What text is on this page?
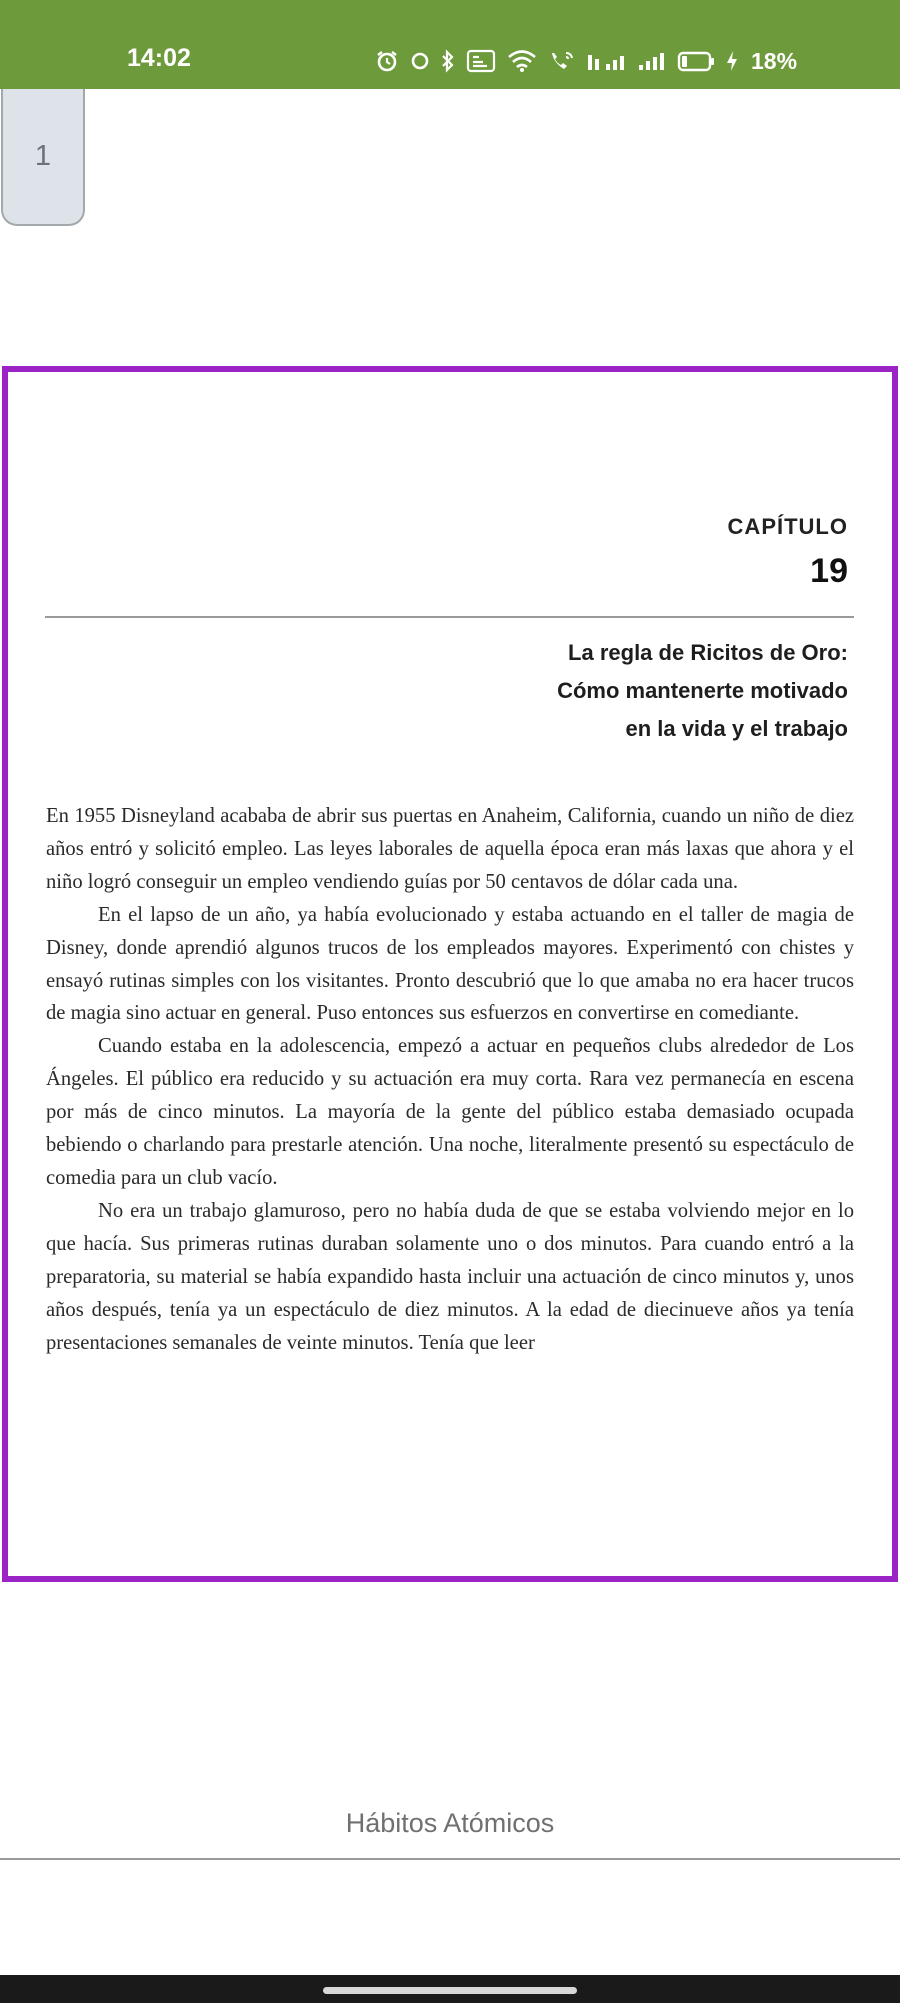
14:02	18%
1
CAPÍTULO
19
La regla de Ricitos de Oro:
Cómo mantenerte motivado
en la vida y el trabajo

En 1955 Disneyland acababa de abrir sus puertas en Anaheim, California, cuando un niño de diez años entró y solicitó empleo. Las leyes laborales de aquella época eran más laxas que ahora y el niño logró conseguir un empleo vendiendo guías por 50 centavos de dólar cada una.

En el lapso de un año, ya había evolucionado y estaba actuando en el taller de magia de Disney, donde aprendió algunos trucos de los empleados mayores. Experimentó con chistes y ensayó rutinas simples con los visitantes. Pronto descubrió que lo que amaba no era hacer trucos de magia sino actuar en general. Puso entonces sus esfuerzos en convertirse en comediante.

Cuando estaba en la adolescencia, empezó a actuar en pequeños clubs alrededor de Los Ángeles. El público era reducido y su actuación era muy corta. Rara vez permanecía en escena por más de cinco minutos. La mayoría de la gente del público estaba demasiado ocupada bebiendo o charlando para prestarle atención. Una noche, literalmente presentó su espectáculo de comedia para un club vacío.

No era un trabajo glamuroso, pero no había duda de que se estaba volviendo mejor en lo que hacía. Sus primeras rutinas duraban solamente uno o dos minutos. Para cuando entró a la preparatoria, su material se había expandido hasta incluir una actuación de cinco minutos y, unos años después, tenía ya un espectáculo de diez minutos. A la edad de diecinueve años ya tenía presentaciones semanales de veinte minutos. Tenía que leer

Hábitos Atómicos
